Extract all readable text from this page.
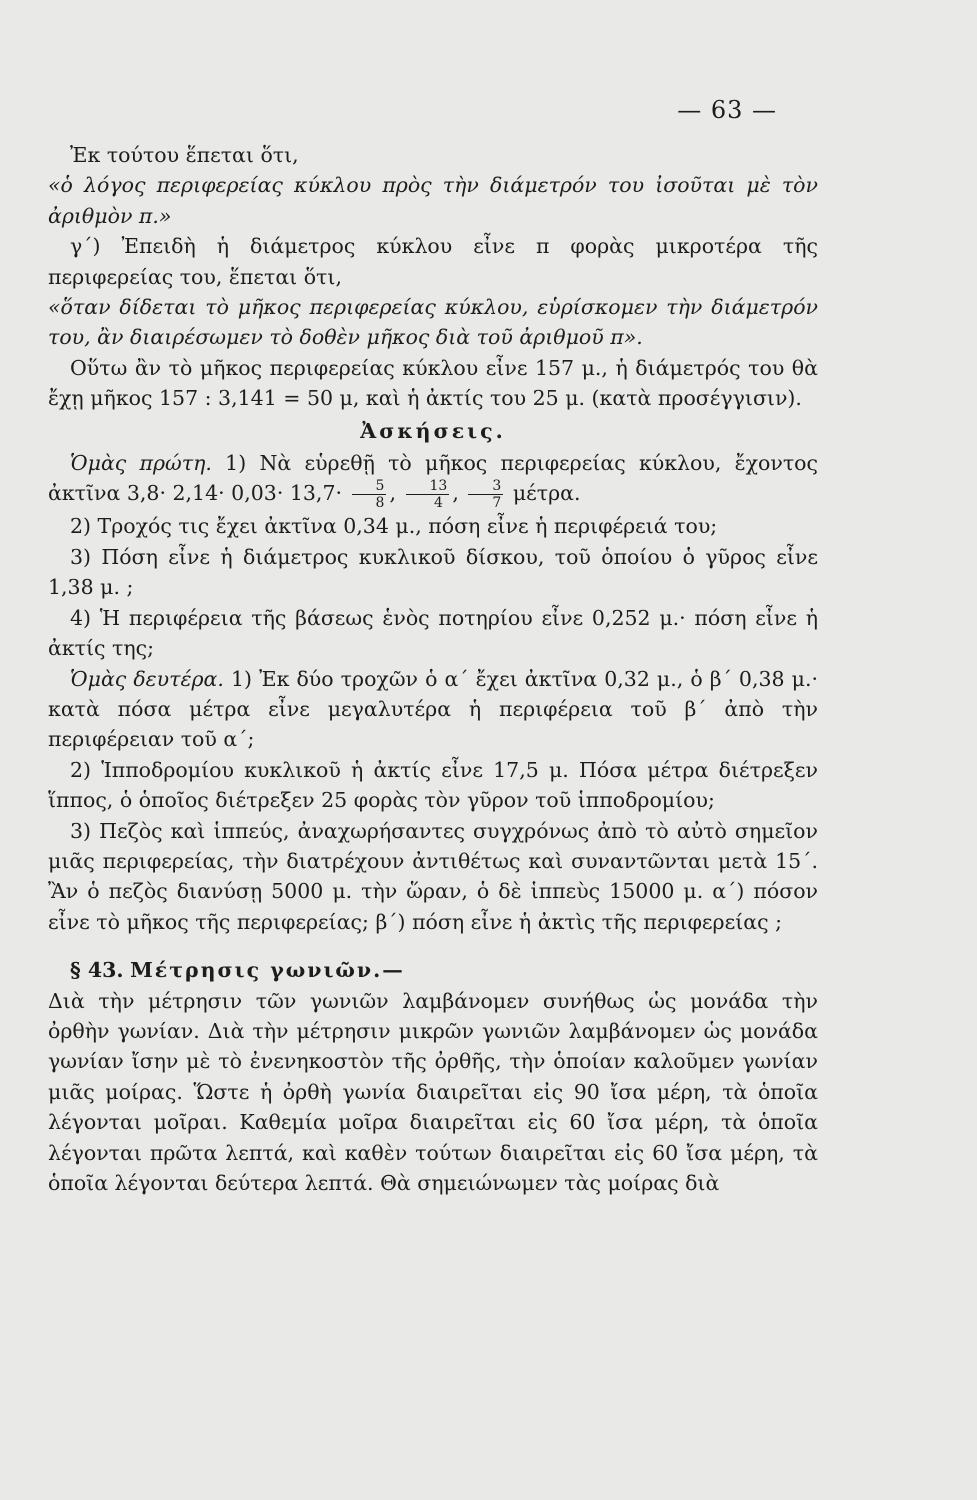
— 63 —

Ἐκ τούτου ἕπεται ὅτι,

«ὁ λόγος περιφερείας κύκλου πρὸς τὴν διάμετρόν του ἰσοῦται μὲ τὸν ἀριθμὸν π.»

γ΄) Ἐπειδὴ ἡ διάμετρος κύκλου εἶνε π φορὰς μικροτέρα τῆς περιφερείας του, ἕπεται ὅτι,

«ὅταν δίδεται τὸ μῆκος περιφερείας κύκλου, εὑρίσκομεν τὴν διάμετρόν του, ἂν διαιρέσωμεν τὸ δοθὲν μῆκος διὰ τοῦ ἀριθμοῦ π».

Οὕτω ἂν τὸ μῆκος περιφερείας κύκλου εἶνε 157 μ., ἡ διάμετρός του θὰ ἔχῃ μῆκος 157 : 3,141 = 50 μ, καὶ ἡ ἀκτίς του 25 μ. (κατὰ προσέγγισιν).

Ἀσκήσεις.

Ὁμὰς πρώτη. 1) Νὰ εὑρεθῇ τὸ μῆκος περιφερείας κύκλου, ἔχοντος ἀκτῖνα $3,8\cdot 2,14\cdot 0,03\cdot 13,7\cdot \frac{5}{8}$ , $\frac{13}{4}$ , $\frac{3}{7} \mu έ\tau\rho\alpha$.

2) Τροχός τις ἔχει ἀκτῖνα 0,34 μ., πόση εἶνε ἡ περιφέρειά του;

3) Πόση εἶνε ἡ διάμετρος κυκλικοῦ δίσκου, τοῦ ὁποίου ὁ γῦρος εἶνε 1,38 μ. ;

4) Ἡ περιφέρεια τῆς βάσεως ἑνὸς ποτηρίου εἶνε 0,252 μ.· πόση εἶνε ἡ ἀκτίς της;

Ὁμὰς δευτέρα. 1) Ἐκ δύο τροχῶν ὁ α΄ ἔχει ἀκτῖνα 0,32 μ., ὁ β΄ 0,38 μ.· κατὰ πόσα μέτρα εἶνε μεγαλυτέρα ἡ περιφέρεια τοῦ β΄ ἀπὸ τὴν περιφέρειαν τοῦ α΄;

2) Ἱπποδρομίου κυκλικοῦ ἡ ἀκτίς εἶνε 17,5 μ. Πόσα μέτρα διέτρεξεν ἵππος, ὁ ὁποῖος διέτρεξεν 25 φορὰς τὸν γῦρον τοῦ ἱπποδρομίου;

3) Πεζὸς καὶ ἱππεύς, ἀναχωρήσαντες συγχρόνως ἀπὸ τὸ αὐτὸ σημεῖον μιᾶς περιφερείας, τὴν διατρέχουν ἀντιθέτως καὶ συναντῶνται μετὰ 15΄. Ἂν ὁ πεζὸς διανύσῃ 5000 μ. τὴν ὥραν, ὁ δὲ ἱππεὺς 15000 μ. α΄) πόσον εἶνε τὸ μῆκος τῆς περιφερείας; β΄) πόση εἶνε ἡ ἀκτὶς τῆς περιφερείας ;

§ 43. Μέτρησις γωνιῶν.—

Διὰ τὴν μέτρησιν τῶν γωνιῶν λαμβάνομεν συνήθως ὡς μονάδα τὴν ὀρθὴν γωνίαν. Διὰ τὴν μέτρησιν μικρῶν γωνιῶν λαμβάνομεν ὡς μονάδα γωνίαν ἴσην μὲ τὸ ἐνενηκοστὸν τῆς ὀρθῆς, τὴν ὁποίαν καλοῦμεν γωνίαν μιᾶς μοίρας. Ὥστε ἡ ὀρθὴ γωνία διαιρεῖται εἰς 90 ἴσα μέρη, τὰ ὁποῖα λέγονται μοῖραι. Καθεμία μοῖρα διαιρεῖται εἰς 60 ἴσα μέρη, τὰ ὁποῖα λέγονται πρῶτα λεπτά, καὶ καθὲν τούτων διαιρεῖται εἰς 60 ἴσα μέρη, τὰ ὁποῖα λέγονται δεύτερα λεπτά. Θὰ σημειώνωμεν τὰς μοίρας διὰ
